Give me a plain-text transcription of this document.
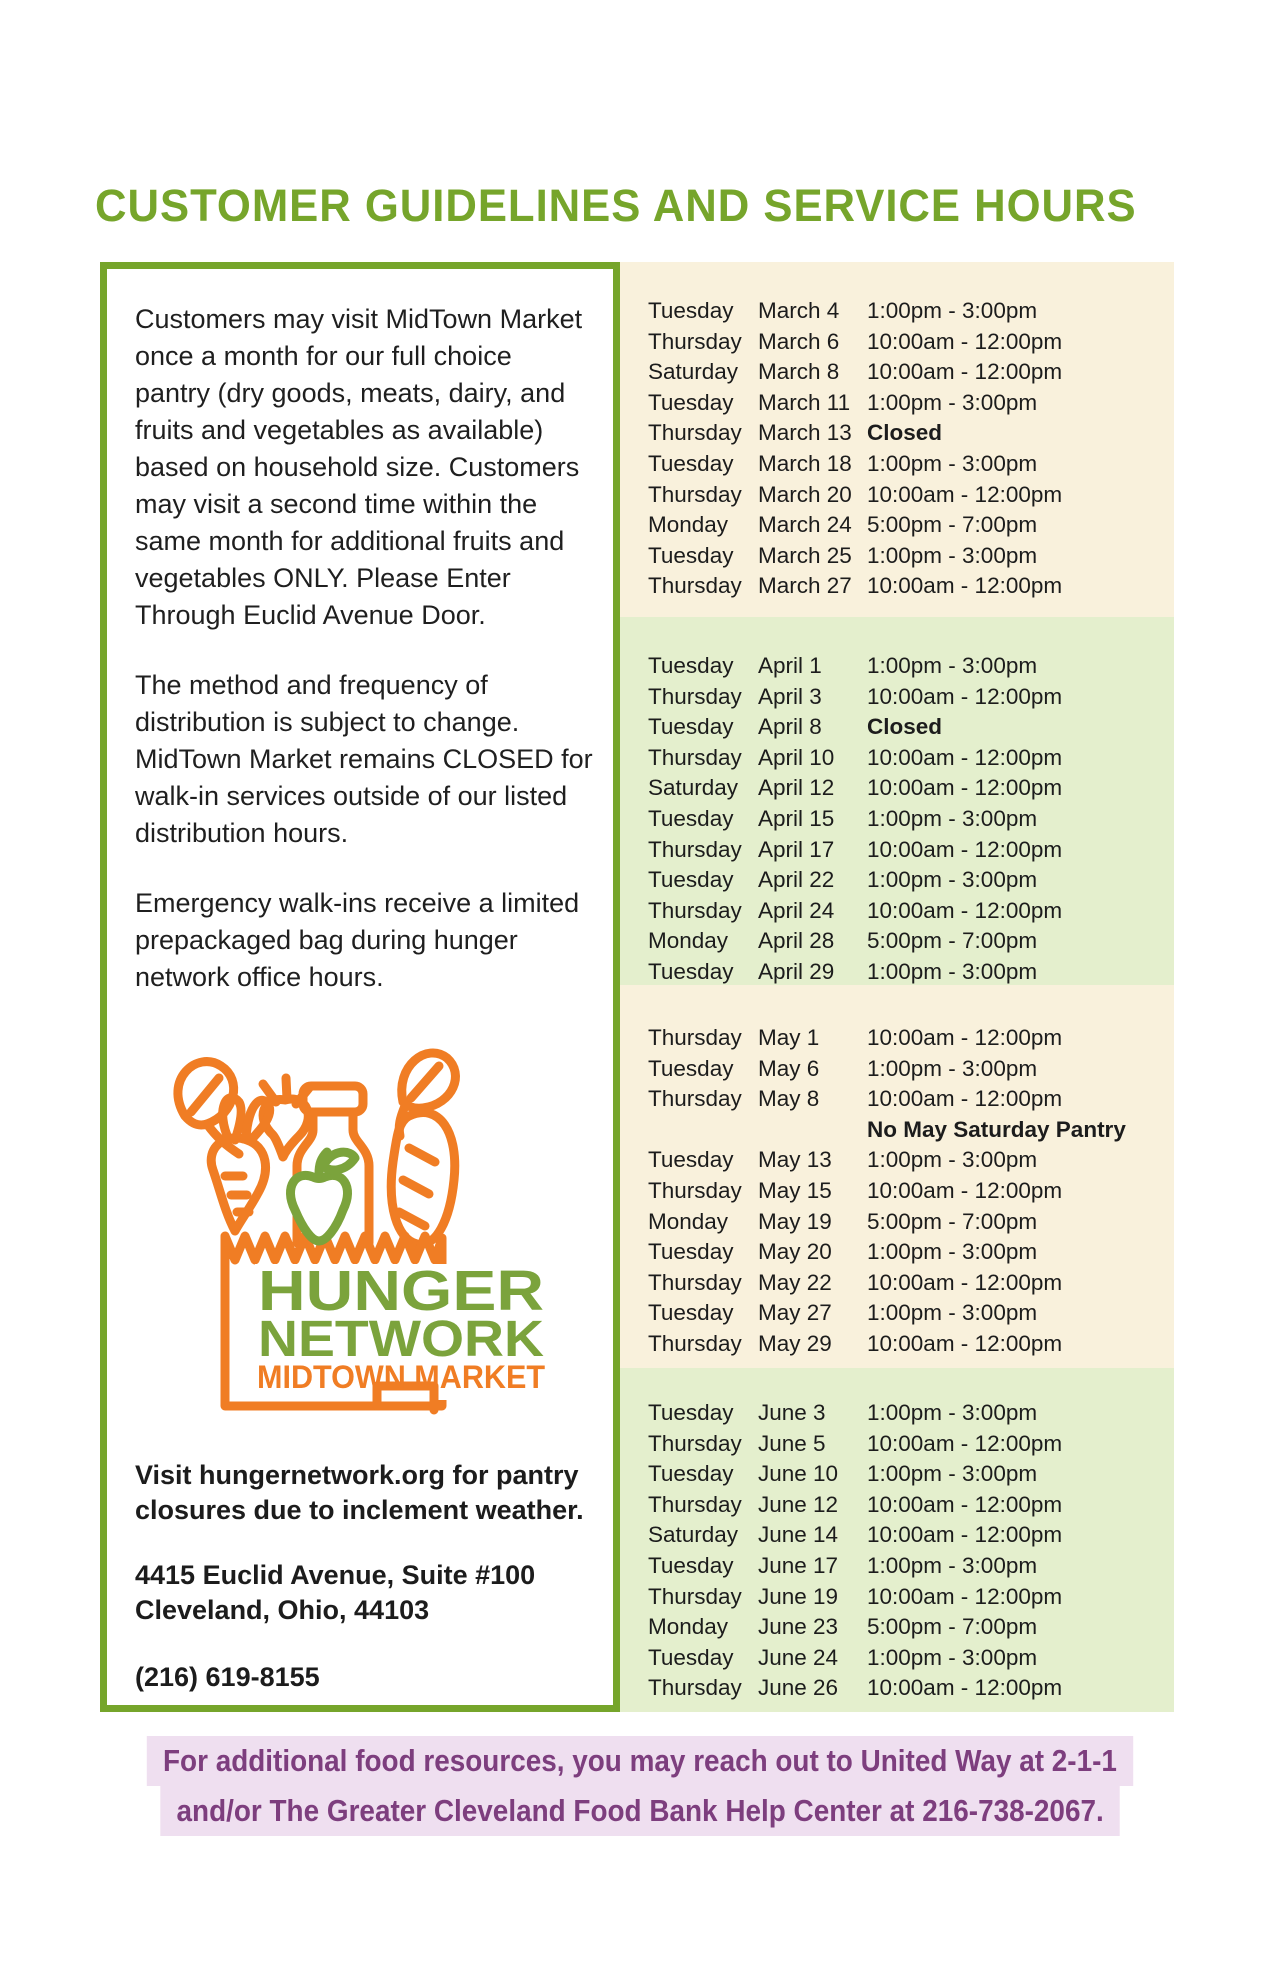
CUSTOMER GUIDELINES AND SERVICE HOURS

Customers may visit MidTown Market once a month for our full choice pantry (dry goods, meats, dairy, and fruits and vegetables as available) based on household size. Customers may visit a second time within the same month for additional fruits and vegetables ONLY. Please Enter Through Euclid Avenue Door.

The method and frequency of distribution is subject to change. MidTown Market remains CLOSED for walk-in services outside of our listed distribution hours.

Emergency walk-ins receive a limited prepackaged bag during hunger network office hours.

HUNGER
NETWORK
MIDTOWN MARKET

Visit hungernetwork.org for pantry closures due to inclement weather.

4415 Euclid Avenue, Suite #100
Cleveland, Ohio, 44103

(216) 619-8155

Tuesday	March 4	1:00pm - 3:00pm
Thursday March 6	10:00am - 12:00pm
Saturday March 8	10:00am - 12:00pm
Tuesday	March 11 1:00pm - 3:00pm
Thursday March 13 Closed
Tuesday	March 18 1:00pm - 3:00pm
Thursday March 20 10:00am - 12:00pm
Monday	March 24 5:00pm - 7:00pm
Tuesday	March 25 1:00pm - 3:00pm
Thursday March 27 10:00am - 12:00pm
Tuesday	April 1	1:00pm - 3:00pm
Thursday April 3	10:00am - 12:00pm
Tuesday	April 8	Closed
Thursday April 10	10:00am - 12:00pm
Saturday April 12	10:00am - 12:00pm
Tuesday	April 15	1:00pm - 3:00pm
Thursday April 17	10:00am - 12:00pm
Tuesday	April 22	1:00pm - 3:00pm
Thursday April 24	10:00am - 12:00pm
Monday	April 28	5:00pm - 7:00pm
Tuesday	April 29	1:00pm - 3:00pm
Thursday May 1	10:00am - 12:00pm
Tuesday	May 6	1:00pm - 3:00pm
Thursday May 8	10:00am - 12:00pm
No May Saturday Pantry
Tuesday	May 13	1:00pm - 3:00pm
Thursday May 15	10:00am - 12:00pm
Monday	May 19	5:00pm - 7:00pm
Tuesday	May 20	1:00pm - 3:00pm
Thursday May 22	10:00am - 12:00pm
Tuesday	May 27	1:00pm - 3:00pm
Thursday May 29	10:00am - 12:00pm
Tuesday	June 3	1:00pm - 3:00pm
Thursday June 5	10:00am - 12:00pm
Tuesday	June 10	1:00pm - 3:00pm
Thursday June 12	10:00am - 12:00pm
Saturday June 14	10:00am - 12:00pm
Tuesday	June 17	1:00pm - 3:00pm
Thursday June 19	10:00am - 12:00pm
Monday	June 23	5:00pm - 7:00pm
Tuesday	June 24	1:00pm - 3:00pm
Thursday June 26	10:00am - 12:00pm
For additional food resources, you may reach out to United Way at 2-1-1
and/or The Greater Cleveland Food Bank Help Center at 216-738-2067.
